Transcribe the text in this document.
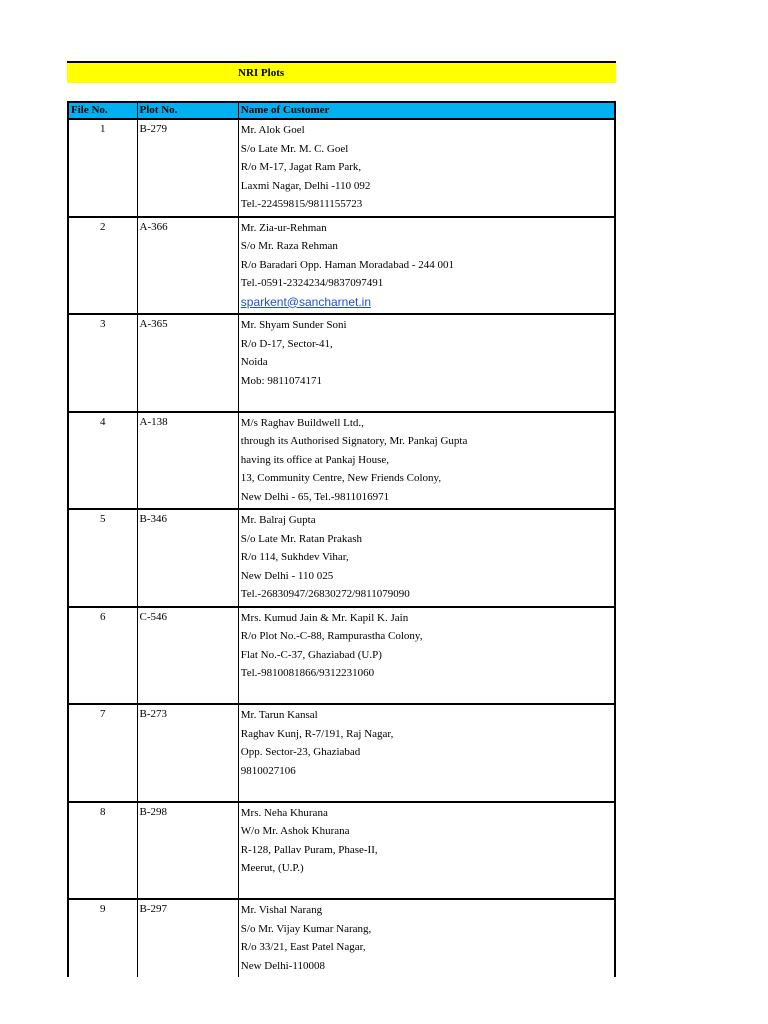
NRI Plots
File No.	Plot No.	Name of Customer
1	B-279	Mr. Alok Goel
S/o Late Mr. M. C. Goel
R/o M-17, Jagat Ram Park,
Laxmi Nagar, Delhi -110 092
Tel.-22459815/9811155723
2	A-366	Mr. Zia-ur-Rehman
S/o Mr. Raza Rehman
R/o Baradari Opp. Haman Moradabad - 244 001
Tel.-0591-2324234/9837097491
sparkent@sancharnet.in
3	A-365	Mr. Shyam Sunder Soni
R/o D-17, Sector-41,
Noida
Mob: 9811074171
4	A-138	M/s Raghav Buildwell Ltd.,
through its Authorised Signatory, Mr. Pankaj Gupta
having its office at Pankaj House,
13, Community Centre, New Friends Colony,
New Delhi - 65, Tel.-9811016971
5	B-346	Mr. Balraj Gupta
S/o Late Mr. Ratan Prakash
R/o 114, Sukhdev Vihar,
New Delhi - 110 025
Tel.-26830947/26830272/9811079090
6	C-546	Mrs. Kumud Jain & Mr. Kapil K. Jain
R/o Plot No.-C-88, Rampurastha Colony,
Flat No.-C-37, Ghaziabad (U.P)
Tel.-9810081866/9312231060
7	B-273	Mr. Tarun Kansal
Raghav Kunj, R-7/191, Raj Nagar,
Opp. Sector-23, Ghaziabad
9810027106
8	B-298	Mrs. Neha Khurana
W/o Mr. Ashok Khurana
R-128, Pallav Puram, Phase-II,
Meerut, (U.P.)
9	B-297	Mr. Vishal Narang
S/o Mr. Vijay Kumar Narang,
R/o 33/21, East Patel Nagar,
New Delhi-110008
